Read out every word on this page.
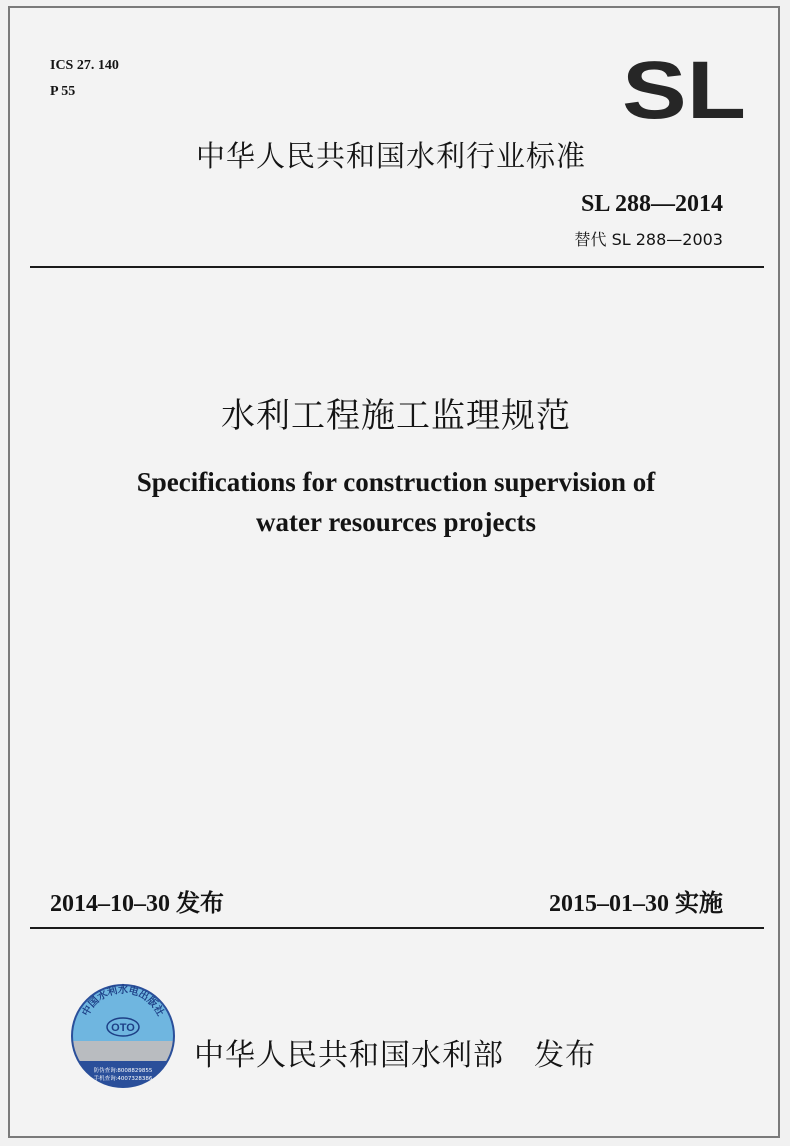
ICS 27. 140
P 55	SL
中华人民共和国水利行业标准
SL 288—2014
替代 SL 288—2003
水利工程施工监理规范
Specifications for construction supervision of
water resources projects
2014–10–30 发布	2015–01–30 实施
中国水利水电出版社
OTO
防伪查询:8008829855
手机查询:4007328386
中华人民共和国水利部 发布
